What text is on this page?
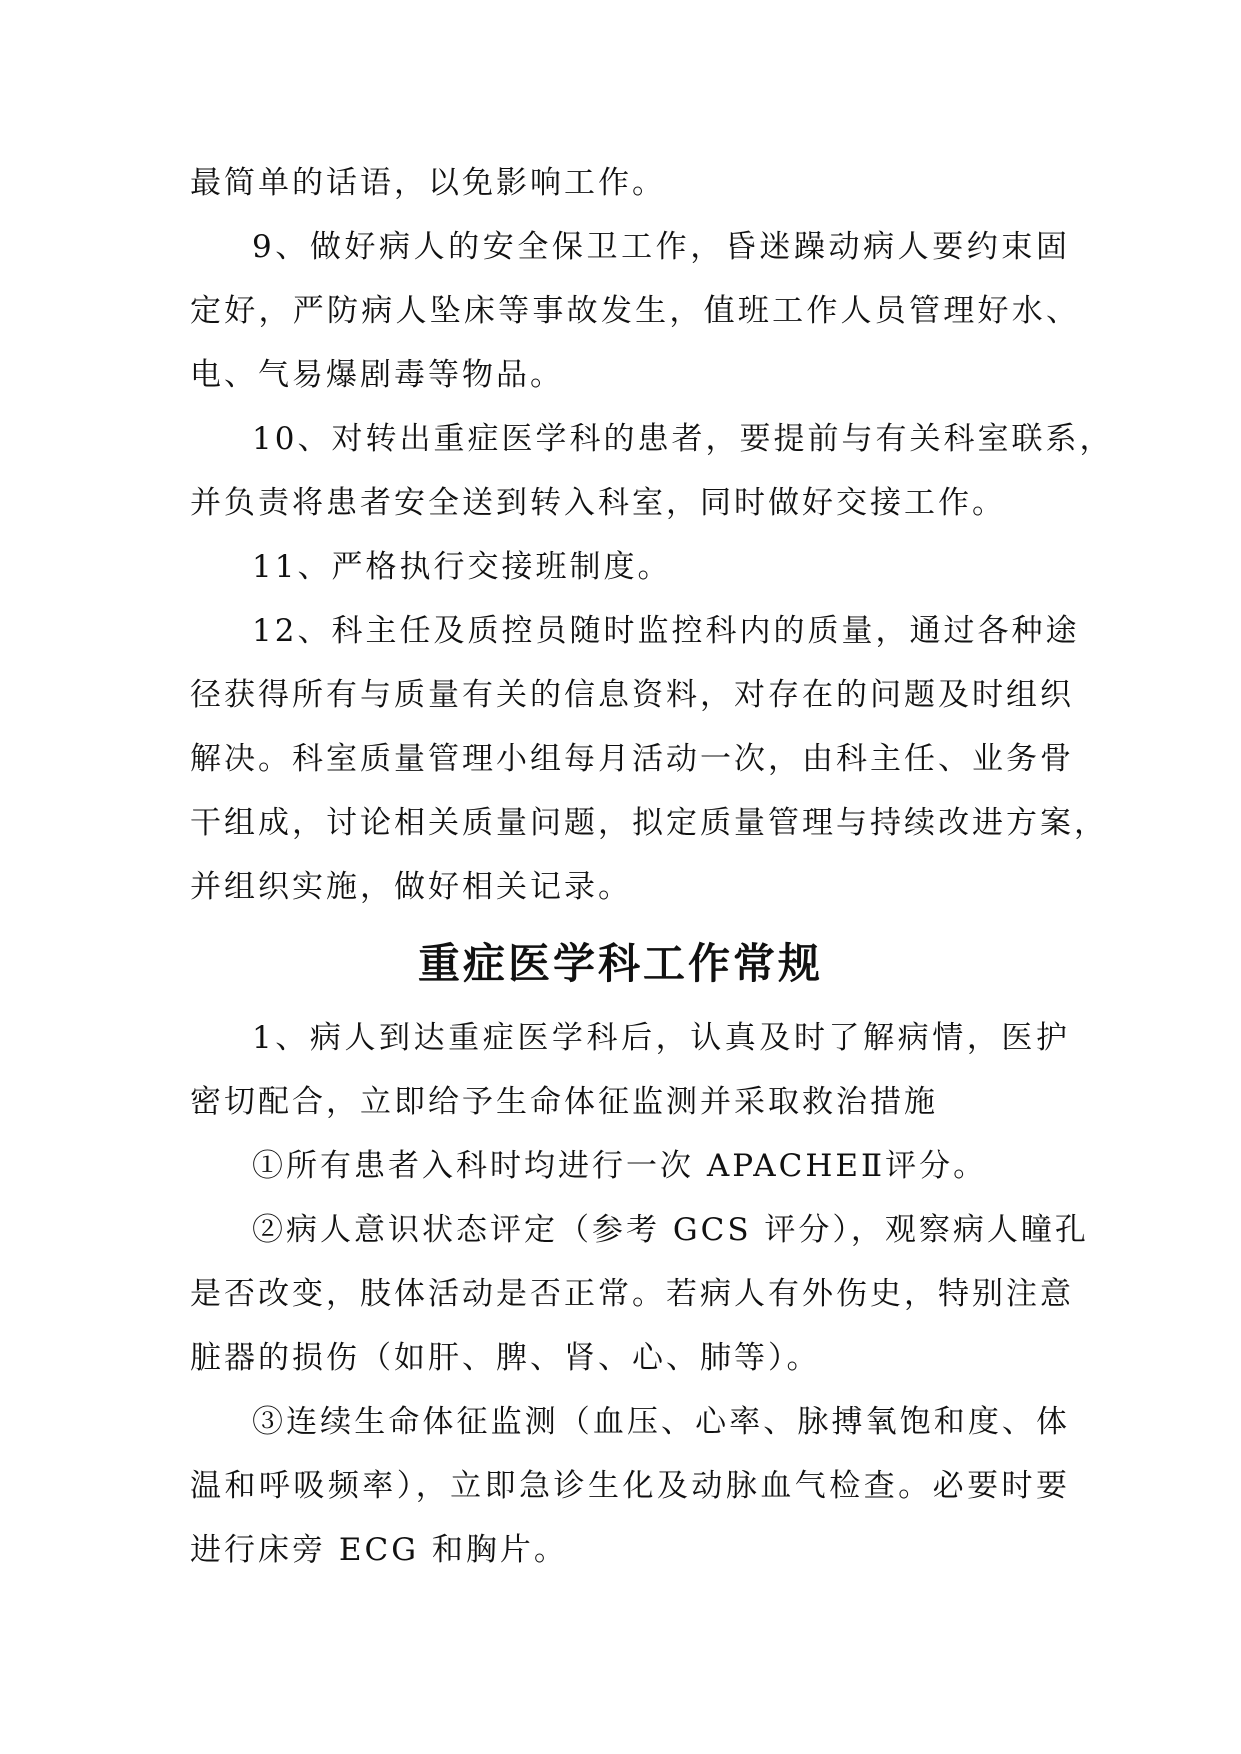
最简单的话语，以免影响工作。
9、做好病人的安全保卫工作，昏迷躁动病人要约束固
定好，严防病人坠床等事故发生，值班工作人员管理好水、
电、气易爆剧毒等物品。
10、对转出重症医学科的患者，要提前与有关科室联系，
并负责将患者安全送到转入科室，同时做好交接工作。
11、严格执行交接班制度。
12、科主任及质控员随时监控科内的质量，通过各种途
径获得所有与质量有关的信息资料，对存在的问题及时组织
解决。科室质量管理小组每月活动一次，由科主任、业务骨
干组成，讨论相关质量问题，拟定质量管理与持续改进方案，
并组织实施，做好相关记录。
重症医学科工作常规
1、病人到达重症医学科后，认真及时了解病情，医护
密切配合，立即给予生命体征监测并采取救治措施
①所有患者入科时均进行一次 APACHEⅡ评分。
②病人意识状态评定（参考 GCS 评分），观察病人瞳孔
是否改变，肢体活动是否正常。若病人有外伤史，特别注意
脏器的损伤（如肝、脾、肾、心、肺等）。
③连续生命体征监测（血压、心率、脉搏氧饱和度、体
温和呼吸频率），立即急诊生化及动脉血气检查。必要时要
进行床旁 ECG 和胸片。
